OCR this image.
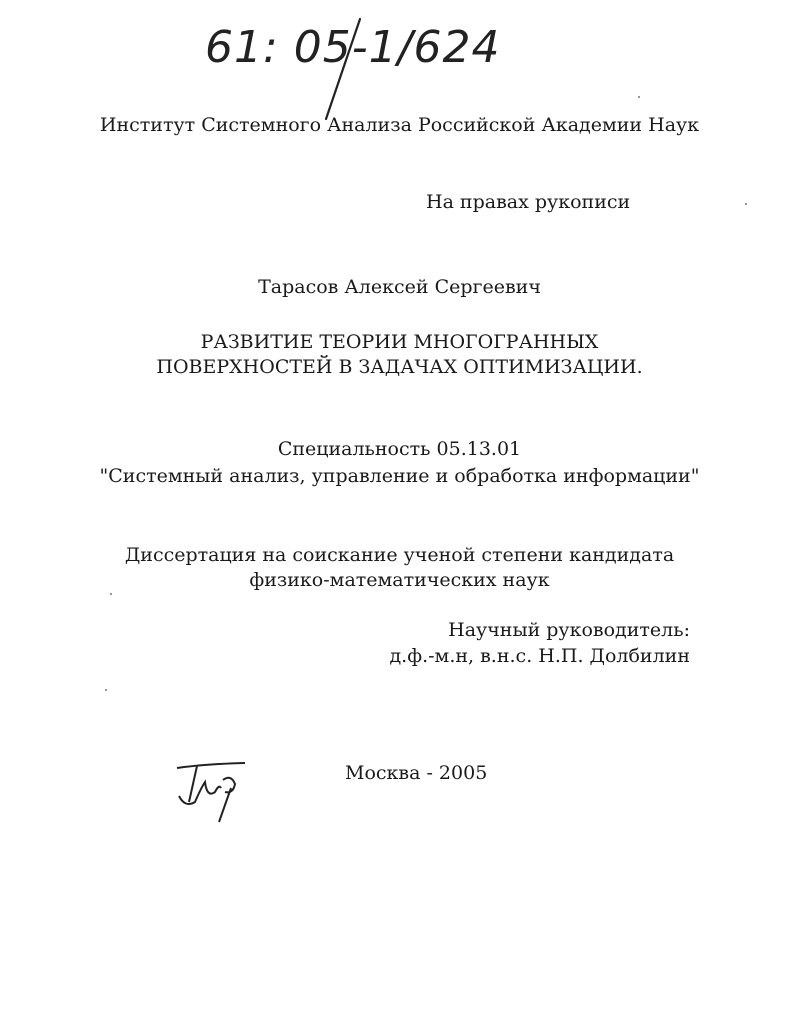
61: 05-1/624
Институт Системного Анализа Российской Академии Наук
На правах рукописи
Тарасов Алексей Сергеевич
РАЗВИТИЕ ТЕОРИИ МНОГОГРАННЫХ
ПОВЕРХНОСТЕЙ В ЗАДАЧАХ ОПТИМИЗАЦИИ.
Специальность 05.13.01
"Системный анализ, управление и обработка информации"
Диссертация на соискание ученой степени кандидата
физико-математических наук
Научный руководитель:
д.ф.-м.н, в.н.с. Н.П. Долбилин
Москва - 2005
